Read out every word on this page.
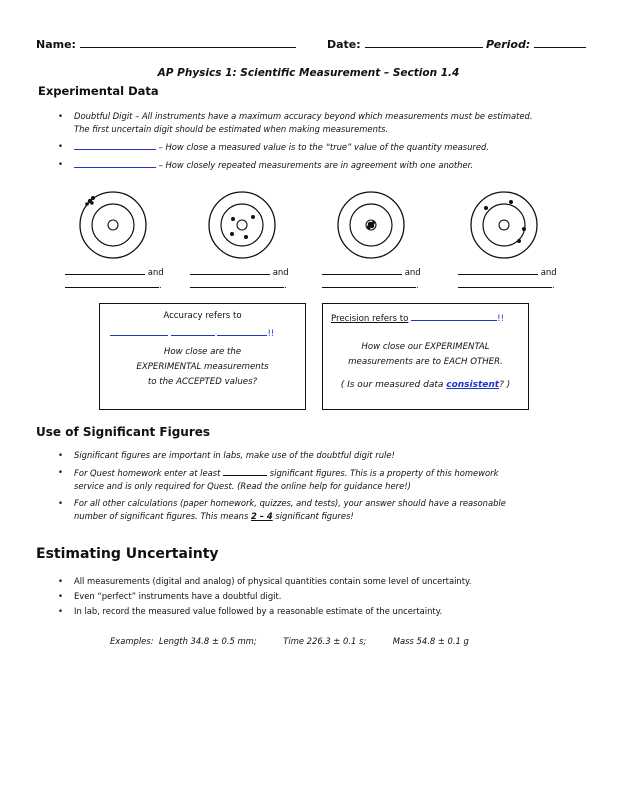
Name:	Date:	Period:
AP Physics 1: Scientific Measurement – Section 1.4
Experimental Data
• Doubtful Digit – All instruments have a maximum accuracy beyond which measurements must be estimated.
The first uncertain digit should be estimated when making measurements.
•	– How close a measured value is to the “true” value of the quantity measured.
•	– How closely repeated measurements are in agreement with one another.
and
.
and
.
and
.
and
.
Accuracy refers to
!!
How close are the
EXPERIMENTAL measurements
to the ACCEPTED values?
Precision refers to	!!
How close our EXPERIMENTAL
measurements are to EACH OTHER.
( Is our measured data consistent? )
Use of Significant Figures
• Significant figures are important in labs, make use of the doubtful digit rule!
• For Quest homework enter at least	significant figures. This is a property of this homework
service and is only required for Quest. (Read the online help for guidance here!)
• For all other calculations (paper homework, quizzes, and tests), your answer should have a reasonable
number of significant figures. This means 2 – 4 significant figures!
Estimating Uncertainty
• All measurements (digital and analog) of physical quantities contain some level of uncertainty.
• Even “perfect” instruments have a doubtful digit.
• In lab, record the measured value followed by a reasonable estimate of the uncertainty.
Examples:  Length 34.8 ± 0.5 mm;          Time 226.3 ± 0.1 s;          Mass 54.8 ± 0.1 g
